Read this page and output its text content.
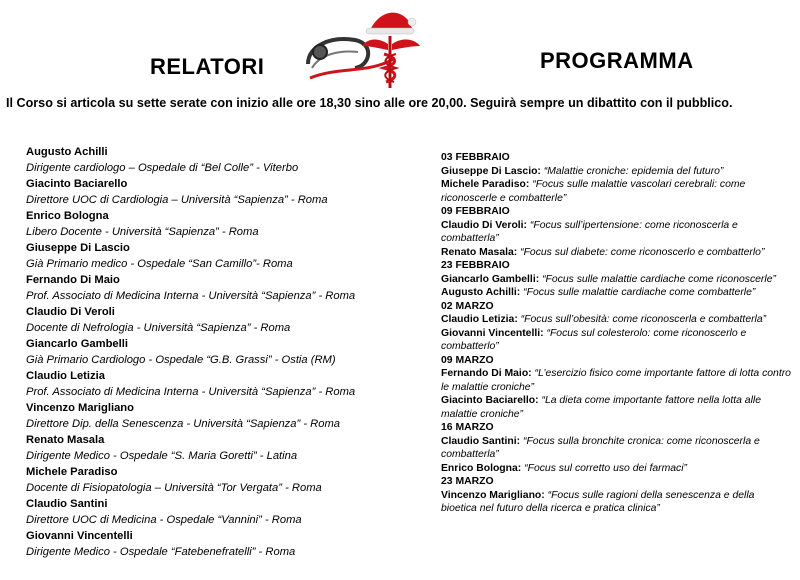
RELATORI	PROGRAMMA
Il Corso si articola su sette serate con inizio alle ore 18,30 sino alle ore 20,00. Seguirà sempre un dibattito con il pubblico.
Augusto Achilli
Dirigente cardiologo – Ospedale di “Bel Colle” - Viterbo
Giacinto Baciarello
Direttore UOC di Cardiologia – Università “Sapienza” - Roma
Enrico Bologna
Libero Docente - Università “Sapienza” - Roma
Giuseppe Di Lascio
Già Primario medico - Ospedale “San Camillo”- Roma
Fernando Di Maio
Prof. Associato di Medicina Interna - Università “Sapienza” - Roma
Claudio Di Veroli
Docente di Nefrologia - Università “Sapienza” - Roma
Giancarlo Gambelli
Già Primario Cardiologo - Ospedale “G.B. Grassi” - Ostia (RM)
Claudio Letizia
Prof. Associato di Medicina Interna - Università “Sapienza” - Roma
Vincenzo Marigliano
Direttore Dip. della Senescenza - Università “Sapienza” - Roma
Renato Masala
Dirigente Medico - Ospedale “S. Maria Goretti” - Latina
Michele Paradiso
Docente di Fisiopatologia – Università “Tor Vergata” - Roma
Claudio Santini
Direttore UOC di Medicina - Ospedale “Vannini” - Roma
Giovanni Vincentelli
Dirigente Medico - Ospedale “Fatebenefratelli” - Roma
03 FEBBRAIO
Giuseppe Di Lascio: “Malattie croniche: epidemia del futuro”
Michele Paradiso: “Focus sulle malattie vascolari cerebrali: come riconoscerle e combatterle”
09 FEBBRAIO
Claudio Di Veroli: “Focus sull’ipertensione: come riconoscerla e combatterla”
Renato Masala: “Focus sul diabete: come riconoscerlo e combatterlo”
23 FEBBRAIO
Giancarlo Gambelli: “Focus sulle malattie cardiache come riconoscerle”
Augusto Achilli: “Focus sulle malattie cardiache come combatterle”
02 MARZO
Claudio Letizia: “Focus sull’obesità: come riconoscerla e combatterla”
Giovanni Vincentelli: “Focus sul colesterolo: come riconoscerlo e combatterlo”
09 MARZO
Fernando Di Maio: “L’esercizio fisico come importante fattore di lotta contro le malattie croniche”
Giacinto Baciarello: “La dieta come importante fattore nella lotta alle malattie croniche”
16 MARZO
Claudio Santini: “Focus sulla bronchite cronica: come riconoscerla e combatterla”
Enrico Bologna: “Focus sul corretto uso dei farmaci”
23 MARZO
Vincenzo Marigliano: “Focus sulle ragioni della senescenza e della bioetica nel futuro della ricerca e pratica clinica”
